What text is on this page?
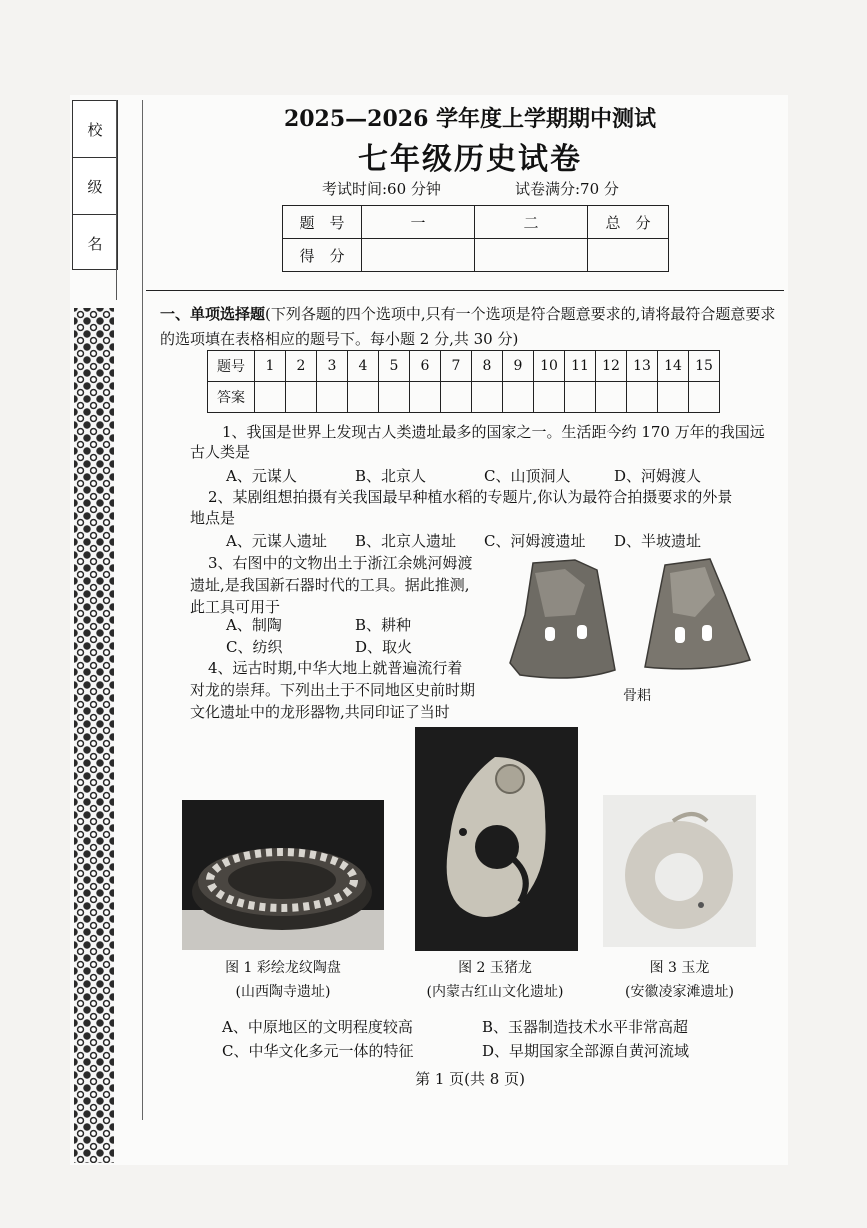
校
级
名
2025—2026 学年度上学期期中测试
七年级历史试卷
考试时间:60 分钟	试卷满分:70 分
题　号	一	二	总　分
得　分			
一、单项选择题(下列各题的四个选项中,只有一个选项是符合题意要求的,请将最符合题意要求的选项填在表格相应的题号下。每小题 2 分,共 30 分)
题号	1	2	3	4	5	6	7	8	9	10	11	12	13	14	15
答案															
1、我国是世界上发现古人类遗址最多的国家之一。生活距今约 170 万年的我国远
古人类是
A、元谋人	B、北京人	C、山顶洞人	D、河姆渡人
2、某剧组想拍摄有关我国最早种植水稻的专题片,你认为最符合拍摄要求的外景
地点是
A、元谋人遗址 B、北京人遗址 C、河姆渡遗址 D、半坡遗址
3、右图中的文物出土于浙江余姚河姆渡
遗址,是我国新石器时代的工具。据此推测,
此工具可用于
A、制陶	B、耕种
C、纺织	D、取火
骨耜
4、远古时期,中华大地上就普遍流行着
对龙的崇拜。下列出土于不同地区史前时期
文化遗址中的龙形器物,共同印证了当时
图 1 彩绘龙纹陶盘
(山西陶寺遗址)
图 2 玉猪龙
(内蒙古红山文化遗址)
图 3 玉龙
(安徽凌家滩遗址)
A、中原地区的文明程度较高	B、玉器制造技术水平非常高超
C、中华文化多元一体的特征	D、早期国家全部源自黄河流域
第 1 页(共 8 页)
